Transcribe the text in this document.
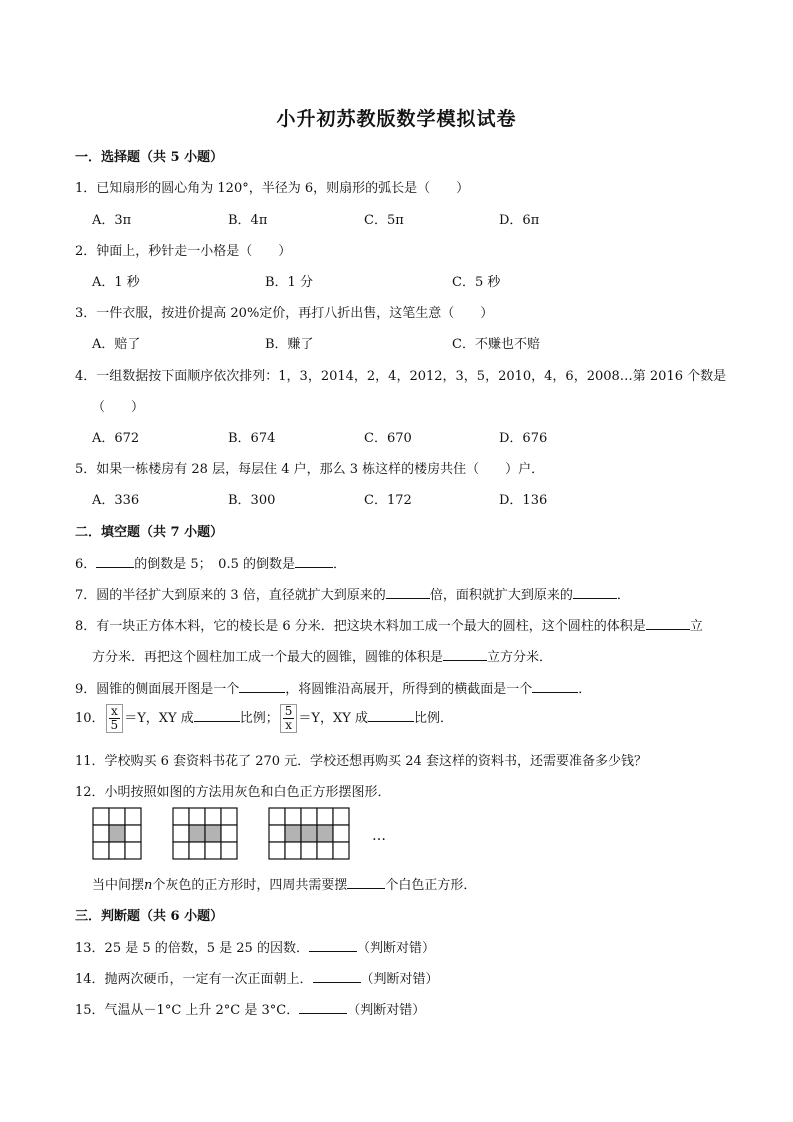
小升初苏教版数学模拟试卷
一．选择题（共 5 小题）
1．已知扇形的圆心角为 120°，半径为 6，则扇形的弧长是（　　）
A．3π	B．4π	C．5π	D．6π
2．钟面上，秒针走一小格是（　　）
A．1 秒	B．1 分	C．5 秒
3．一件衣服，按进价提高 20%定价，再打八折出售，这笔生意（　　）
A．赔了	B．赚了	C．不赚也不赔
4．一组数据按下面顺序依次排列：1，3，2014，2，4，2012，3，5，2010，4，6，2008…第 2016 个数是
（　　）
A．672	B．674	C．670	D．676
5．如果一栋楼房有 28 层，每层住 4 户，那么 3 栋这样的楼房共住（　　）户．
A．336	B．300	C．172	D．136
二．填空题（共 7 小题）
6．	的倒数是 5；　0.5 的倒数是	．
7．圆的半径扩大到原来的 3 倍，直径就扩大到原来的	倍，面积就扩大到原来的	．
8．有一块正方体木料，它的棱长是 6 分米．把这块木料加工成一个最大的圆柱，这个圆柱的体积是	立
方分米．再把这个圆柱加工成一个最大的圆锥，圆锥的体积是	立方分米．
9．圆锥的侧面展开图是一个	，将圆锥沿高展开，所得到的横截面是一个	．
10． $\frac{x}{5} =Y$，XY 成	比例； $\frac{5}{x} =Y$，XY 成	比例．
11．学校购买 6 套资料书花了 270 元．学校还想再购买 24 套这样的资料书，还需要准备多少钱？
12．小明按照如图的方法用灰色和白色正方形摆图形．
…
当中间摆n个灰色的正方形时，四周共需要摆	个白色正方形．
三．判断题（共 6 小题）
13．25 是 5 的倍数，5 是 25 的因数．	（判断对错）
14．抛两次硬币，一定有一次正面朝上．	（判断对错）
15．气温从－1°C 上升 2°C 是 3°C．	（判断对错）
